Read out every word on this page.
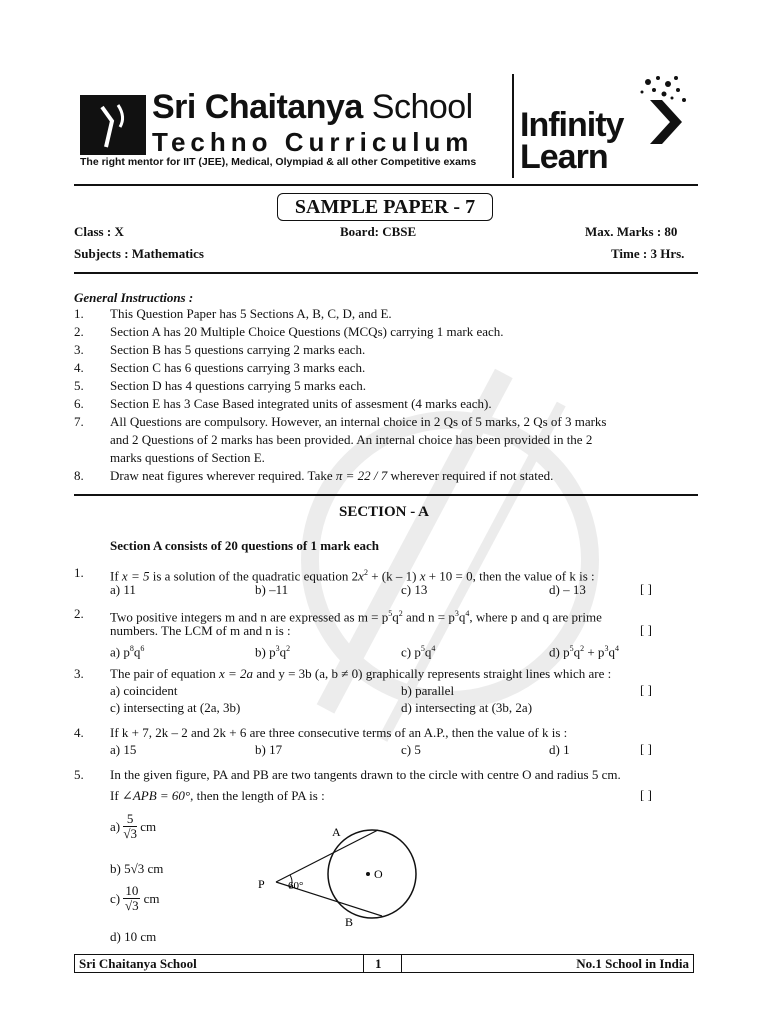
Sri Chaitanya School
Techno Curriculum
The right mentor for IIT (JEE), Medical, Olympiad & all other Competitive exams
Infinity
Learn
SAMPLE PAPER - 7
Class : X	Board: CBSE	Max. Marks : 80
Subjects : Mathematics	Time : 3 Hrs.
General Instructions :
1. This Question Paper has 5 Sections A, B, C, D, and E.
2. Section A has 20 Multiple Choice Questions (MCQs) carrying 1 mark each.
3. Section B has 5 questions carrying 2 marks each.
4. Section C has 6 questions carrying 3 marks each.
5. Section D has 4 questions carrying 5 marks each.
6. Section E has 3 Case Based integrated units of assesment (4 marks each).
7. All Questions are compulsory. However, an internal choice in 2 Qs of 5 marks, 2 Qs of 3 marks
and 2 Questions of 2 marks has been provided. An internal choice has been provided in the 2
marks questions of Section E.
8. Draw neat figures wherever required. Take π = 22 / 7 wherever required if not stated.
SECTION - A
Section A consists of 20 questions of 1 mark each
1. If x = 5 is a solution of the quadratic equation $2x^2 + (k - 1) x + 10 = 0$, then the value of k is :
a) 11	b) –11	c) 13	d) – 13	[ ]
2. Two positive integers m and n are expressed as $m = p^5q^2$ and $n = p^3q^4$, where p and q are prime
numbers. The LCM of m and n is :	[ ]
a) $p^8q^6$	b) $p^3q^2$	c) $p^5q^4$	d) $p^5q^2 + p^3q^4$
3. The pair of equation x = 2a and y = 3b (a, b ≠ 0) graphically represents straight lines which are :
a) coincident	b) parallel	[ ]
c) intersecting at (2a, 3b)	d) intersecting at (3b, 2a)
4. If k + 7, 2k – 2 and 2k + 6 are three consecutive terms of an A.P., then the value of k is :
a) 15	b) 17	c) 5	d) 1	[ ]
5. In the given figure, PA and PB are two tangents drawn to the circle with centre O and radius 5 cm.
If ∠APB = 60°, then the length of PA is :	[ ]
$a) \frac{5}{√3}$ cm
b) 5√3 cm
$c) \frac{10}{√3}$ cm
d) 10 cm
A
B
P
O
60°
Sri Chaitanya School	1	No.1 School in India
